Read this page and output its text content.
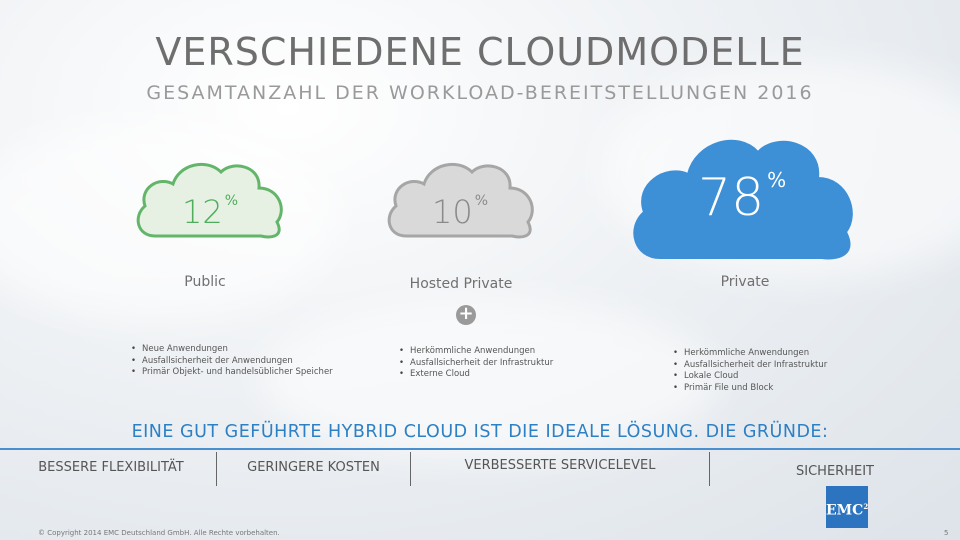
VERSCHIEDENE CLOUDMODELLE
GESAMTANZAHL DER WORKLOAD-BEREITSTELLUNGEN 2016
12 %	10 %	78 %
Public	Hosted Private	Private
+
• Neue Anwendungen
• Ausfallsicherheit der Anwendungen
• Primär Objekt- und handelsüblicher Speicher
• Herkömmliche Anwendungen
• Ausfallsicherheit der Infrastruktur
• Externe Cloud
• Herkömmliche Anwendungen
• Ausfallsicherheit der Infrastruktur
• Lokale Cloud
• Primär File und Block
EINE GUT GEFÜHRTE HYBRID CLOUD IST DIE IDEALE LÖSUNG. DIE GRÜNDE:
BESSERE FLEXIBILITÄT	GERINGERE KOSTEN	VERBESSERTE SERVICELEVEL	SICHERHEIT
EMC$^2$
© Copyright 2014 EMC Deutschland GmbH. Alle Rechte vorbehalten.	5
